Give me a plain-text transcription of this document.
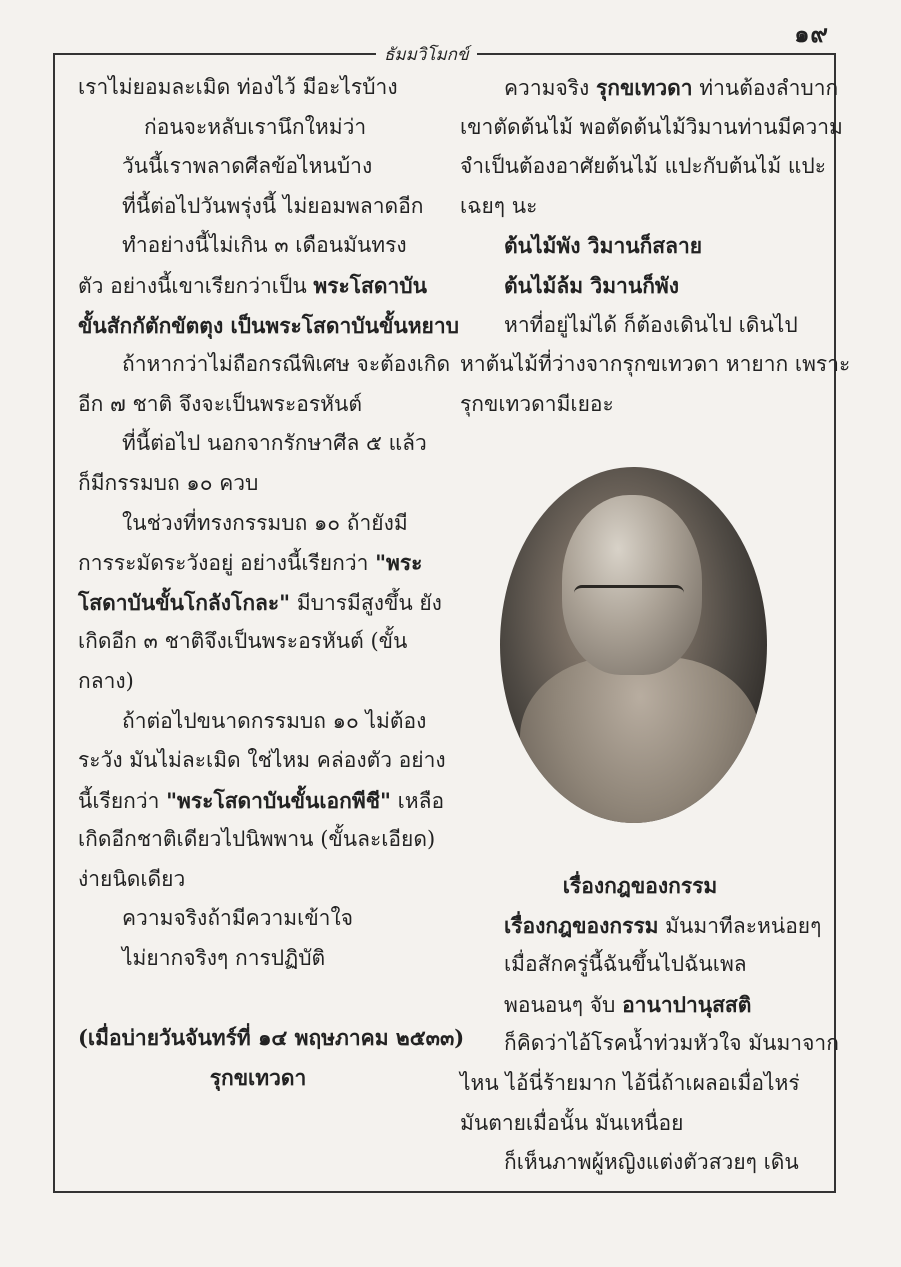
๑๙
ธัมมวิโมกข์
เราไม่ยอมละเมิด ท่องไว้ มีอะไรบ้าง
ก่อนจะหลับเรานึกใหม่ว่า
วันนี้เราพลาดศีลข้อไหนบ้าง
ที่นี้ต่อไปวันพรุ่งนี้ ไม่ยอมพลาดอีก
ทำอย่างนี้ไม่เกิน ๓ เดือนมันทรง
ตัว อย่างนี้เขาเรียกว่าเป็น พระโสดาบัน
ขั้นสักกัตักขัตตุง เป็นพระโสดาบันขั้นหยาบ
ถ้าหากว่าไม่ถือกรณีพิเศษ จะต้องเกิด
อีก ๗ ชาติ จึงจะเป็นพระอรหันต์
ที่นี้ต่อไป นอกจากรักษาศีล ๕ แล้ว
ก็มีกรรมบถ ๑๐ ควบ
ในช่วงที่ทรงกรรมบถ ๑๐ ถ้ายังมี
การระมัดระวังอยู่ อย่างนี้เรียกว่า "พระ
โสดาบันขั้นโกลังโกละ" มีบารมีสูงขึ้น ยัง
เกิดอีก ๓ ชาติจึงเป็นพระอรหันต์ (ขั้น
กลาง)
ถ้าต่อไปขนาดกรรมบถ ๑๐ ไม่ต้อง
ระวัง มันไม่ละเมิด ใช่ไหม คล่องตัว อย่าง
นี้เรียกว่า "พระโสดาบันขั้นเอกพีชี" เหลือ
เกิดอีกชาติเดียวไปนิพพาน (ขั้นละเอียด)
ง่ายนิดเดียว
ความจริงถ้ามีความเข้าใจ
ไม่ยากจริงๆ การปฏิบัติ
(เมื่อบ่ายวันจันทร์ที่ ๑๔ พฤษภาคม ๒๕๓๓)
รุกขเทวดา
ความจริง รุกขเทวดา ท่านต้องลำบาก
เขาตัดต้นไม้ พอตัดต้นไม้วิมานท่านมีความ
จำเป็นต้องอาศัยต้นไม้ แปะกับต้นไม้ แปะ
เฉยๆ นะ
ต้นไม้พัง วิมานก็สลาย
ต้นไม้ล้ม วิมานก็พัง
หาที่อยู่ไม่ได้ ก็ต้องเดินไป เดินไป
หาต้นไม้ที่ว่างจากรุกขเทวดา หายาก เพราะ
รุกขเทวดามีเยอะ
เรื่องกฎของกรรม
เรื่องกฎของกรรม มันมาทีละหน่อยๆ
เมื่อสักครู่นี้ฉันขึ้นไปฉันเพล
พอนอนๆ จับ อานาปานุสสติ
ก็คิดว่าไอ้โรคน้ำท่วมหัวใจ มันมาจาก
ไหน ไอ้นี่ร้ายมาก ไอ้นี่ถ้าเผลอเมื่อไหร่
มันตายเมื่อนั้น มันเหนื่อย
ก็เห็นภาพผู้หญิงแต่งตัวสวยๆ เดิน
